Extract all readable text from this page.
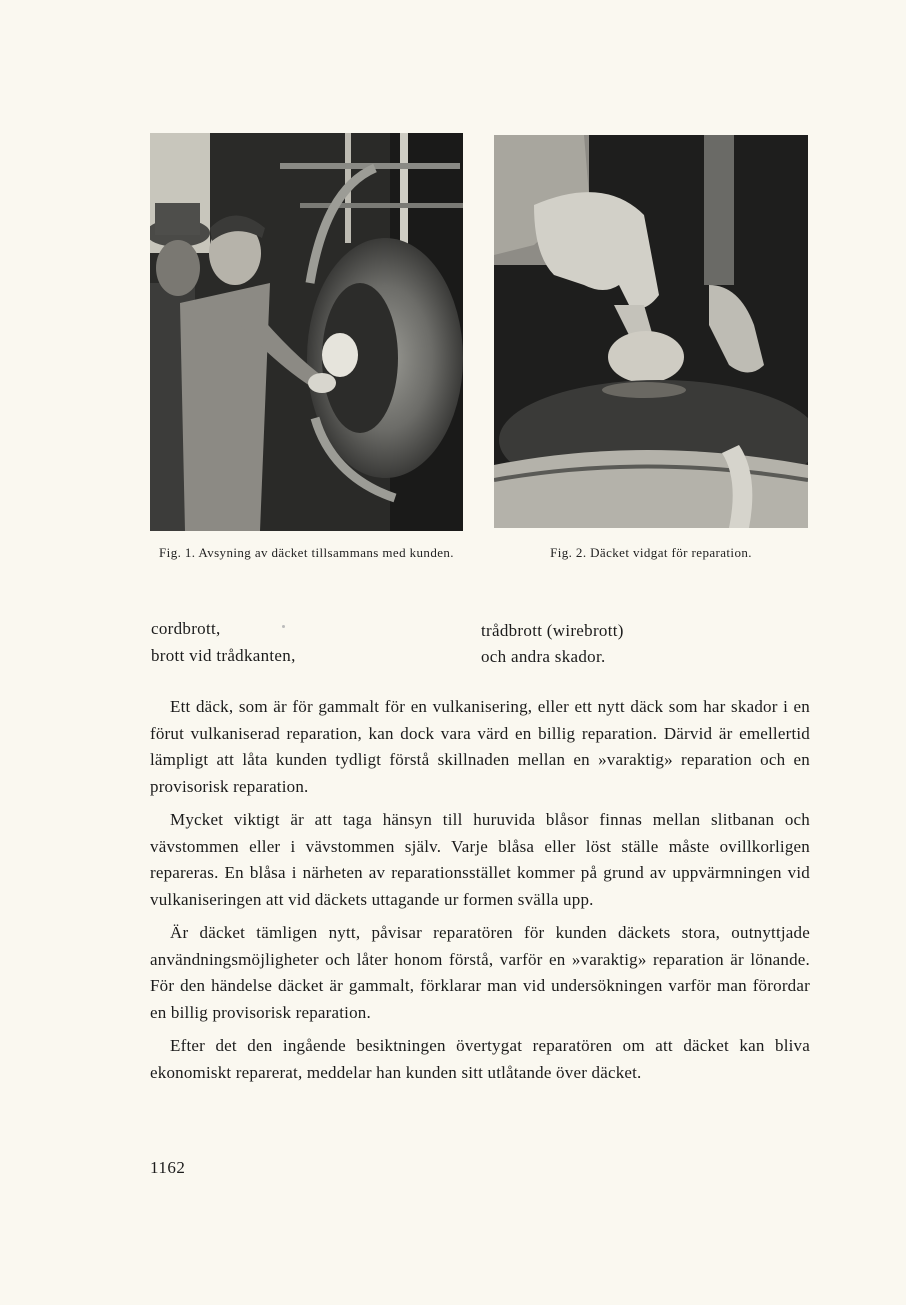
Fig. 1. Avsyning av däcket tillsammans med kunden.	Fig. 2. Däcket vidgat för reparation.
cordbrott,
brott vid trådkanten,
trådbrott (wirebrott)
och andra skador.

Ett däck, som är för gammalt för en vulkanisering, eller ett nytt däck som har skador i en förut vulkaniserad reparation, kan dock vara värd en billig reparation. Därvid är emellertid lämpligt att låta kunden tydligt förstå skillnaden mellan en »varaktig» reparation och en provisorisk reparation.

Mycket viktigt är att taga hänsyn till huruvida blåsor finnas mellan slitbanan och vävstommen eller i vävstommen själv. Varje blåsa eller löst ställe måste ovillkorligen repareras. En blåsa i närheten av reparationsstället kommer på grund av uppvärmningen vid vulkaniseringen att vid däckets uttagande ur formen svälla upp.

Är däcket tämligen nytt, påvisar reparatören för kunden däckets stora, outnyttjade användningsmöjligheter och låter honom förstå, varför en »varaktig» reparation är lönande. För den händelse däcket är gammalt, förklarar man vid undersökningen varför man förordar en billig provisorisk reparation.

Efter det den ingående besiktningen övertygat reparatören om att däcket kan bliva ekonomiskt reparerat, meddelar han kunden sitt utlåtande över däcket.

1162
